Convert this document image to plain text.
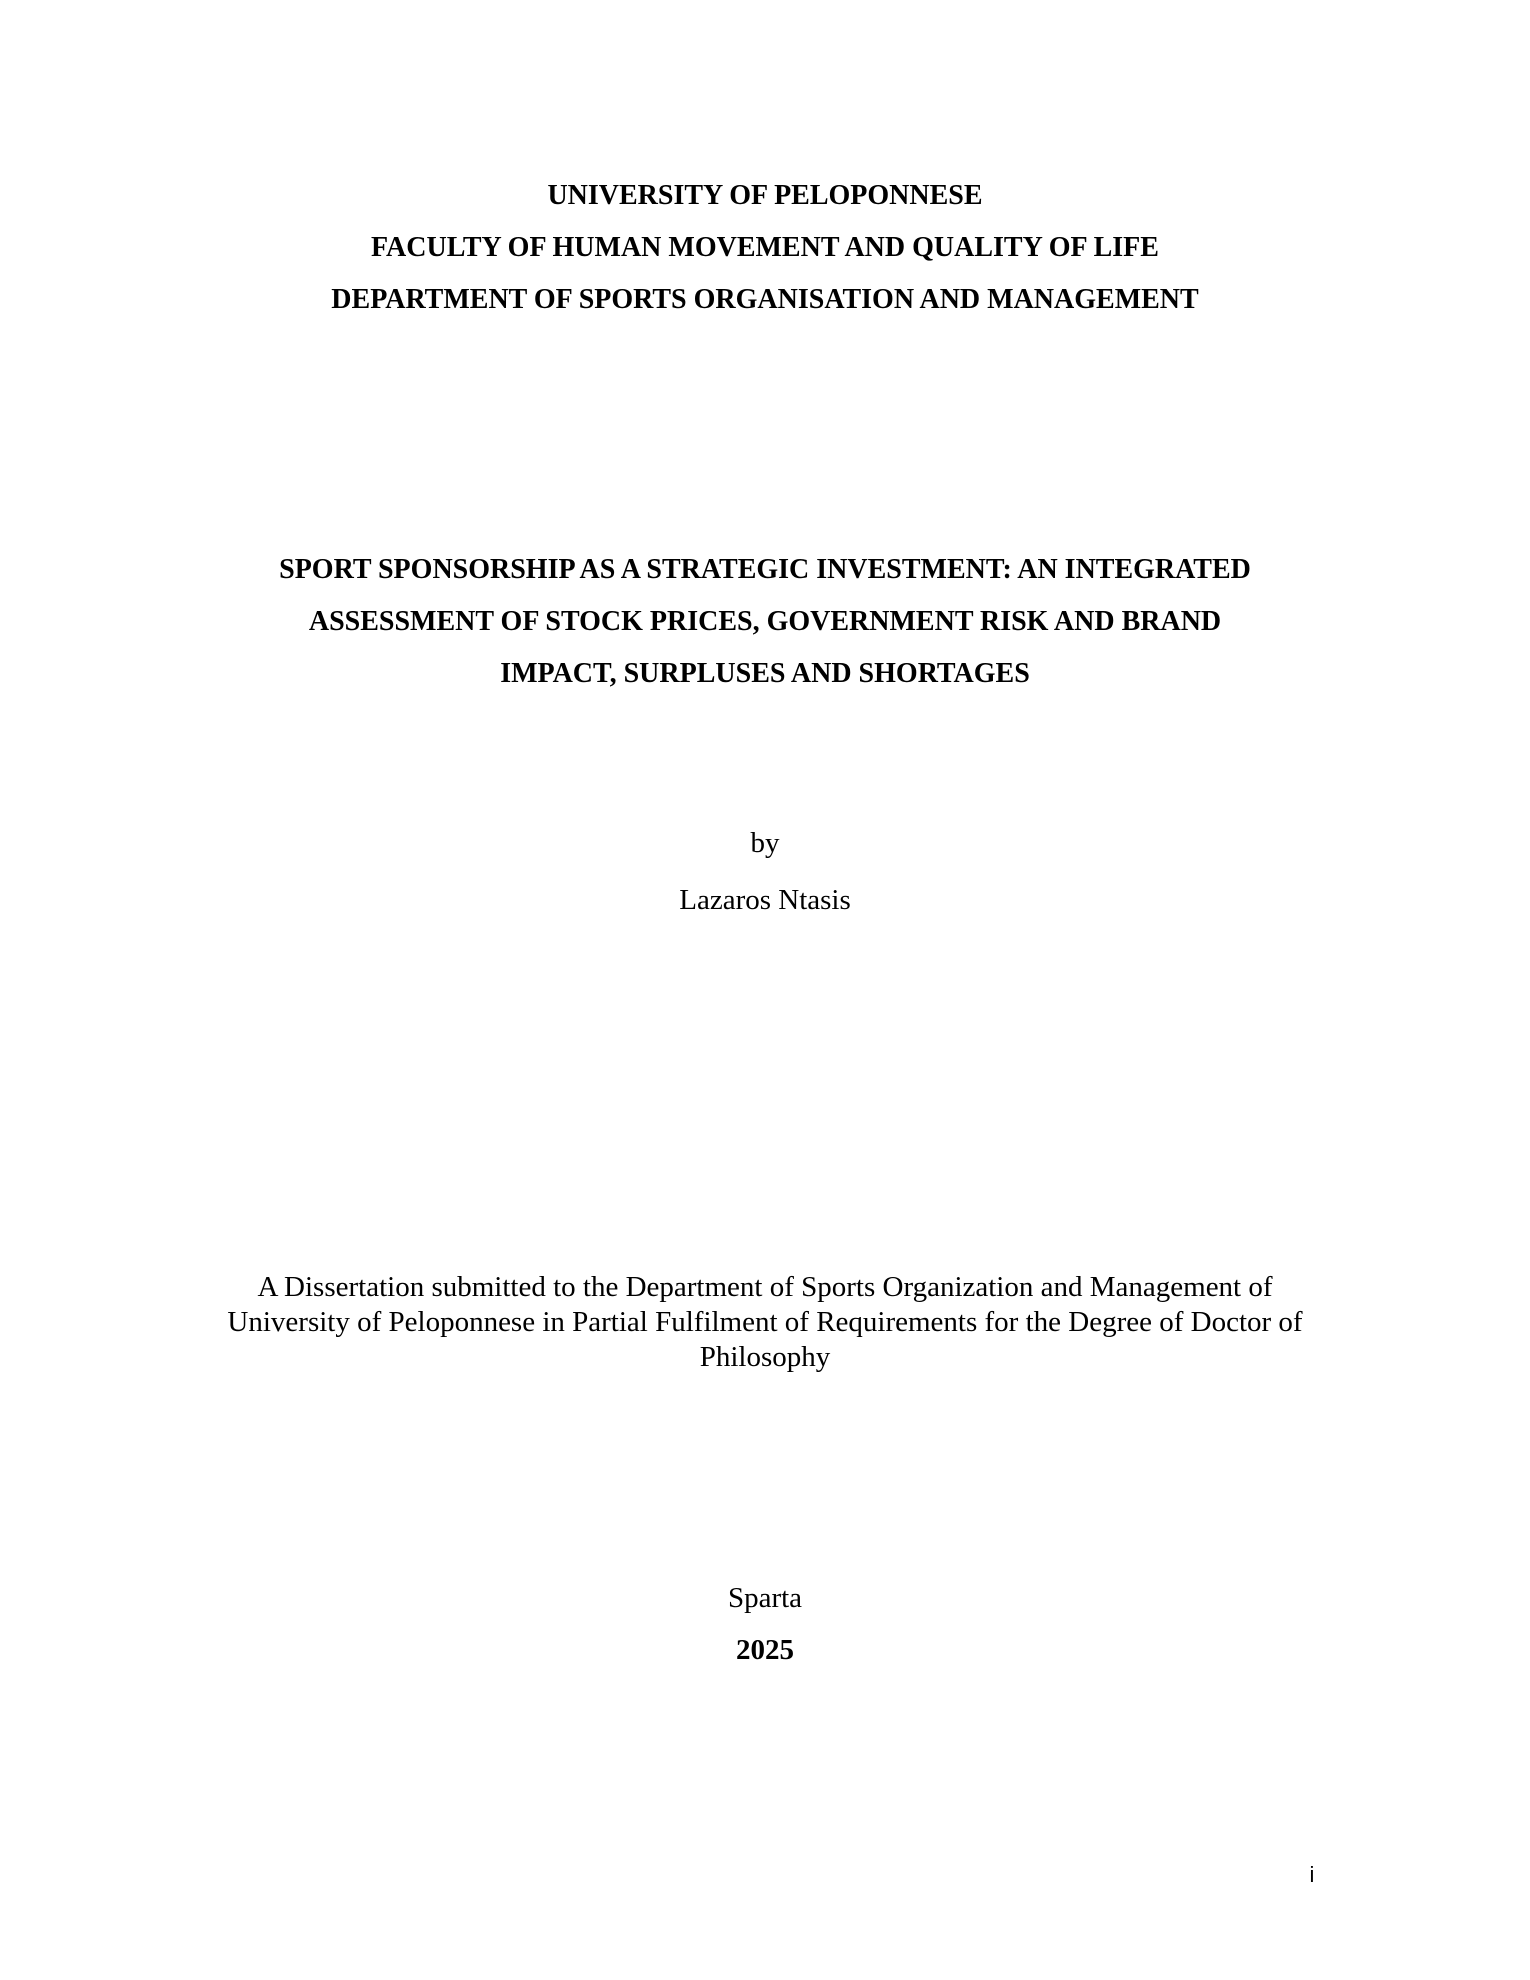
UNIVERSITY OF PELOPONNESE

FACULTY OF HUMAN MOVEMENT AND QUALITY OF LIFE

DEPARTMENT OF SPORTS ORGANISATION AND MANAGEMENT

SPORT SPONSORSHIP AS A STRATEGIC INVESTMENT: AN INTEGRATED

ASSESSMENT OF STOCK PRICES, GOVERNMENT RISK AND BRAND

IMPACT, SURPLUSES AND SHORTAGES

by

Lazaros Ntasis

A Dissertation submitted to the Department of Sports Organization and Management of University of Peloponnese in Partial Fulfilment of Requirements for the Degree of Doctor of Philosophy

Sparta

2025

i
